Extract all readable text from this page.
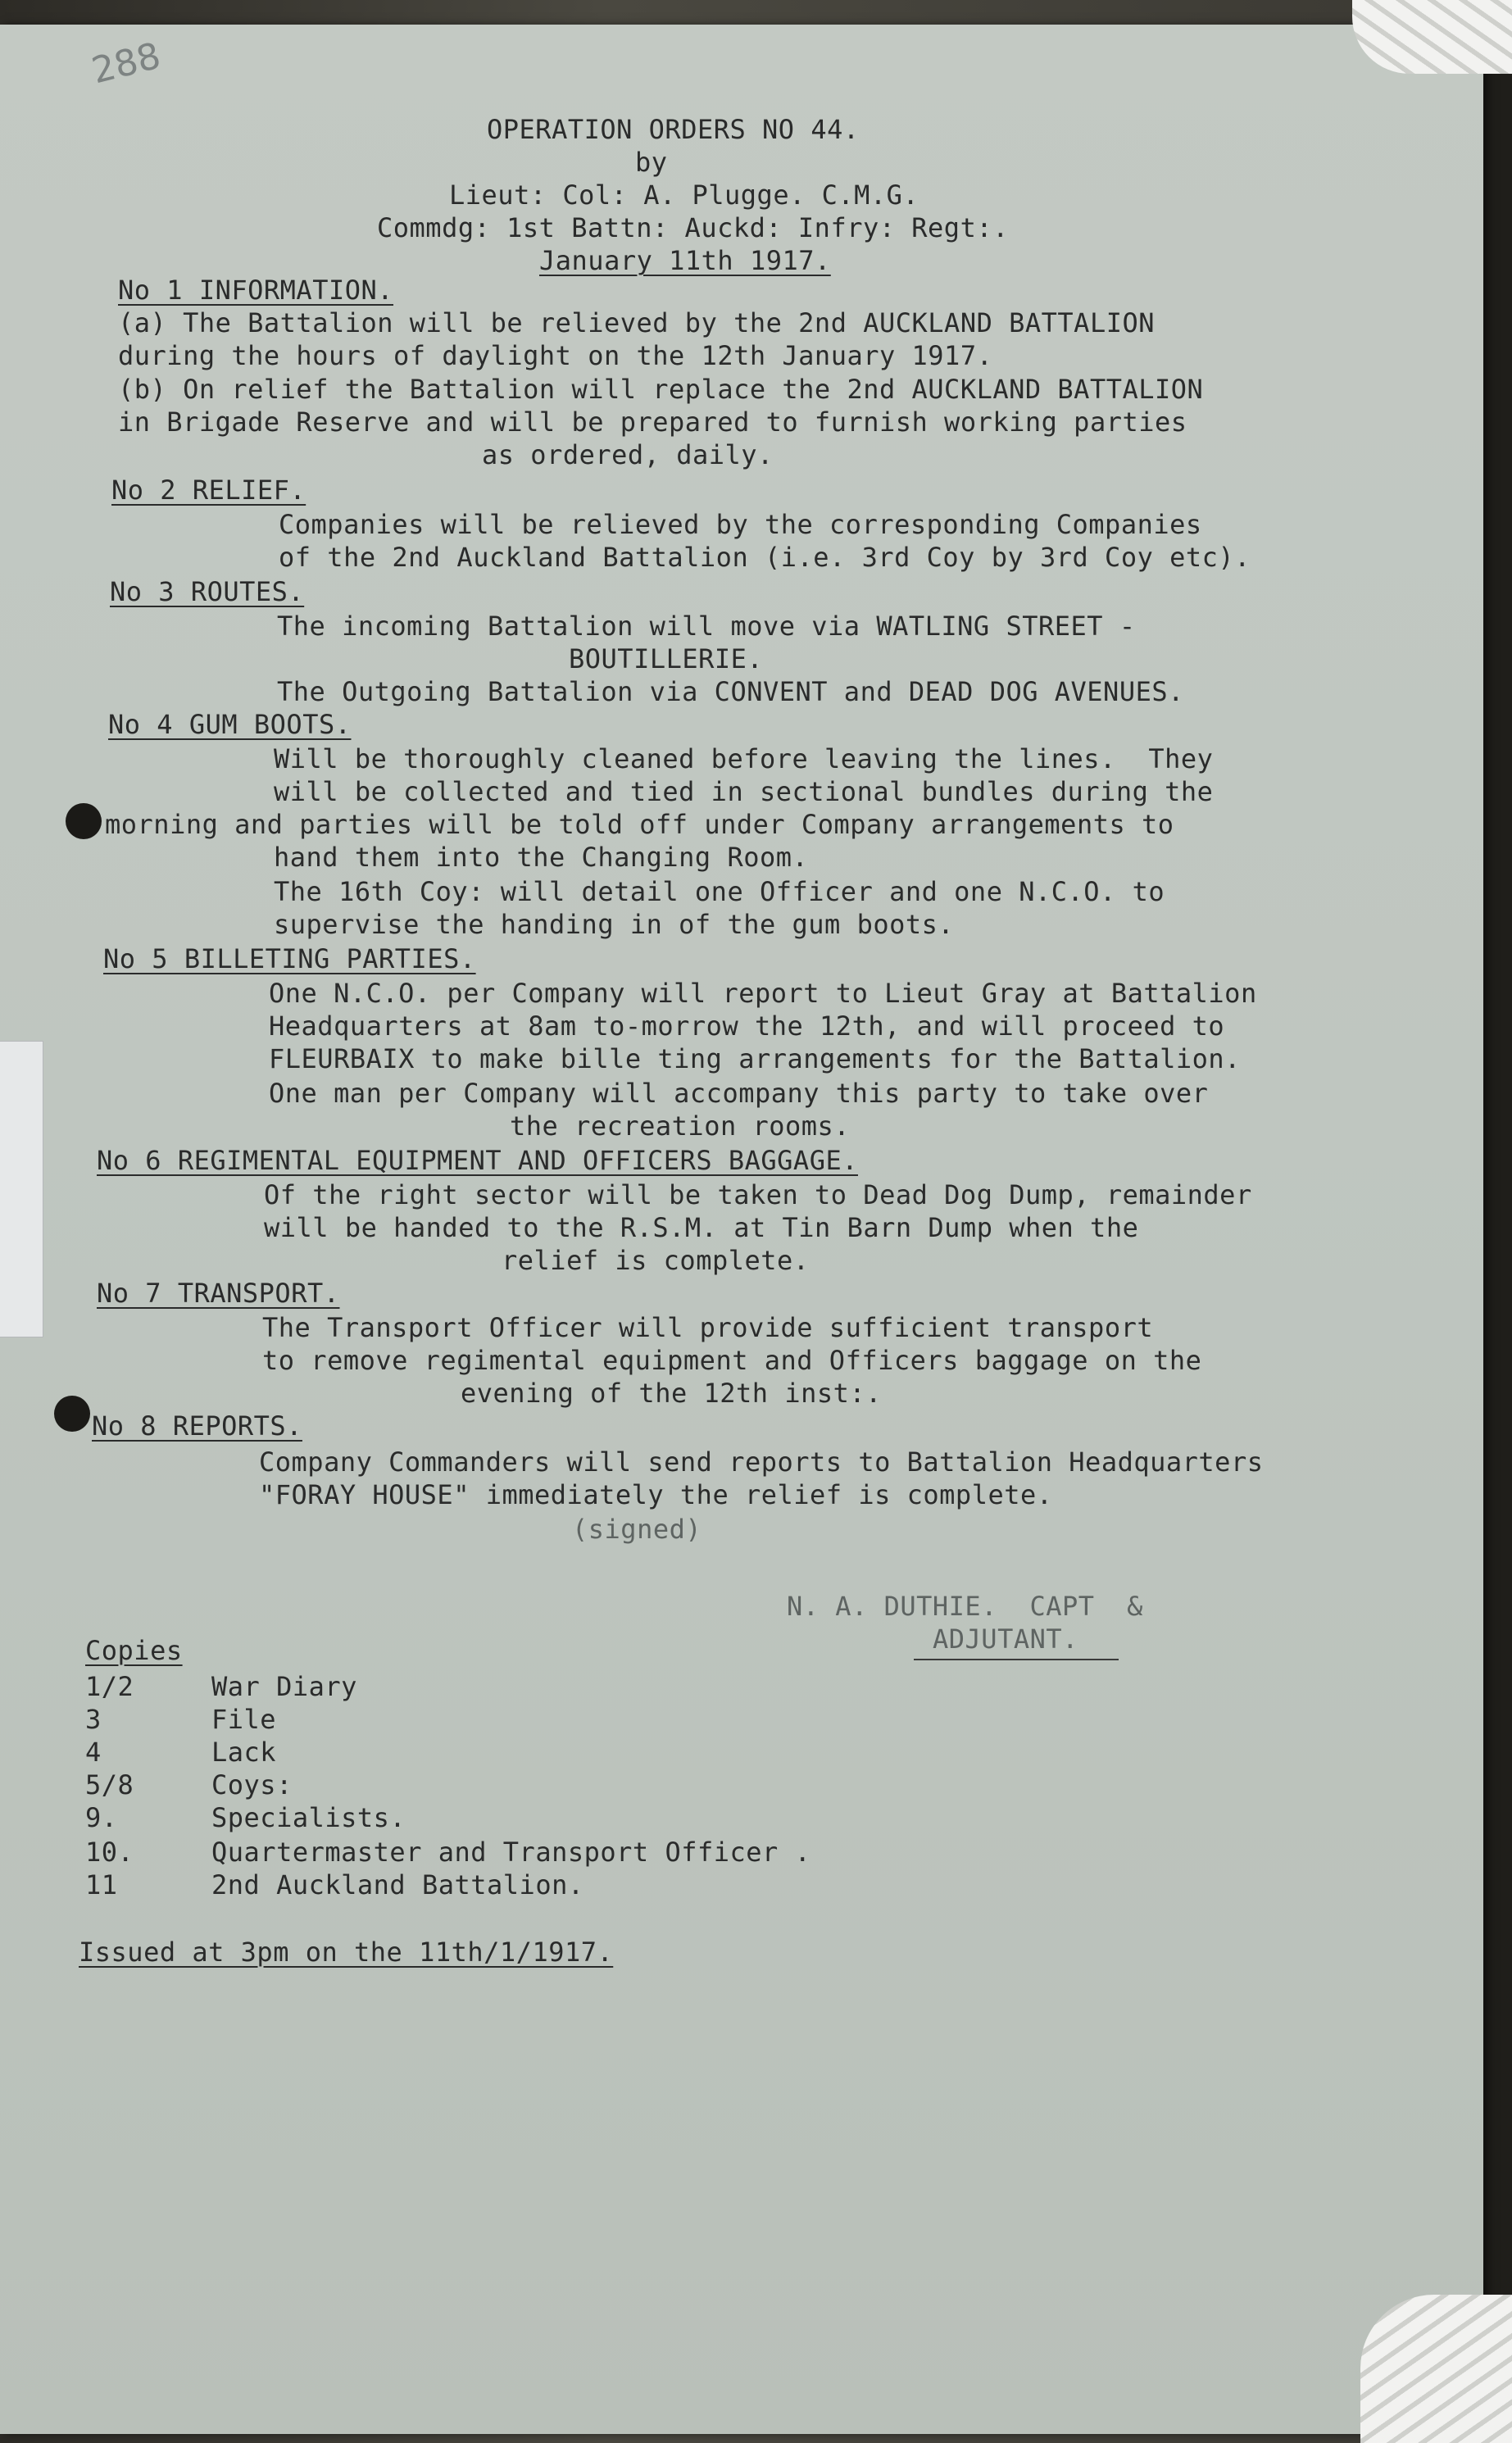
288
OPERATION ORDERS NO 44.
by
Lieut: Col: A. Plugge. C.M.G.
Commdg: 1st Battn: Auckd: Infry: Regt:.
January 11th 1917.
No 1 INFORMATION.
(a) The Battalion will be relieved by the 2nd AUCKLAND BATTALION
during the hours of daylight on the 12th January 1917.
(b) On relief the Battalion will replace the 2nd AUCKLAND BATTALION
in Brigade Reserve and will be prepared to furnish working parties
as ordered, daily.
No 2 RELIEF.
Companies will be relieved by the corresponding Companies
of the 2nd Auckland Battalion (i.e. 3rd Coy by 3rd Coy etc).
No 3 ROUTES.
The incoming Battalion will move via WATLING STREET -
BOUTILLERIE.
The Outgoing Battalion via CONVENT and DEAD DOG AVENUES.
No 4 GUM BOOTS.
Will be thoroughly cleaned before leaving the lines.  They
will be collected and tied in sectional bundles during the
morning and parties will be told off under Company arrangements to
hand them into the Changing Room.
The 16th Coy: will detail one Officer and one N.C.O. to
supervise the handing in of the gum boots.
No 5 BILLETING PARTIES.
One N.C.O. per Company will report to Lieut Gray at Battalion
Headquarters at 8am to-morrow the 12th, and will proceed to
FLEURBAIX to make bille ting arrangements for the Battalion.
One man per Company will accompany this party to take over
the recreation rooms.
No 6 REGIMENTAL EQUIPMENT AND OFFICERS BAGGAGE.
Of the right sector will be taken to Dead Dog Dump, remainder
will be handed to the R.S.M. at Tin Barn Dump when the
relief is complete.
No 7 TRANSPORT.
The Transport Officer will provide sufficient transport
to remove regimental equipment and Officers baggage on the
evening of the 12th inst:.
No 8 REPORTS.
Company Commanders will send reports to Battalion Headquarters
"FORAY HOUSE" immediately the relief is complete.
(signed)
N. A. DUTHIE.  CAPT  &
ADJUTANT.
Copies
1/2	War Diary
3	File
4	Lack
5/8	Coys:
9.	Specialists.
10.	Quartermaster and Transport Officer .
11	2nd Auckland Battalion.
Issued at 3pm on the 11th/1/1917.
